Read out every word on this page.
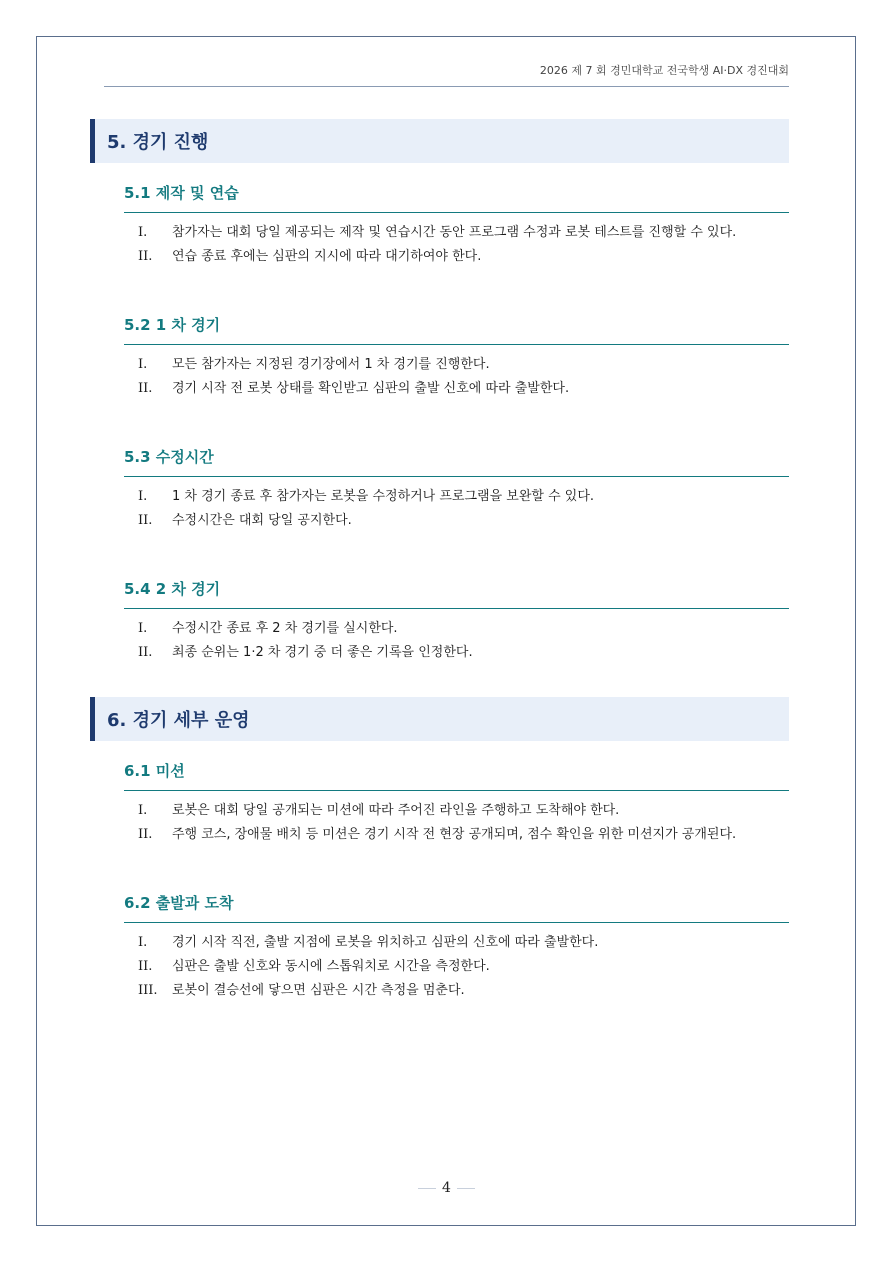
2026 제 7 회 경민대학교 전국학생 AI·DX 경진대회
5. 경기 진행
5.1 제작 및 연습
I.	참가자는 대회 당일 제공되는 제작 및 연습시간 동안 프로그램 수정과 로봇 테스트를 진행할 수 있다.
II.	연습 종료 후에는 심판의 지시에 따라 대기하여야 한다.
5.2 1 차 경기
I.	모든 참가자는 지정된 경기장에서 1 차 경기를 진행한다.
II.	경기 시작 전 로봇 상태를 확인받고 심판의 출발 신호에 따라 출발한다.
5.3 수정시간
I.	1 차 경기 종료 후 참가자는 로봇을 수정하거나 프로그램을 보완할 수 있다.
II.	수정시간은 대회 당일 공지한다.
5.4 2 차 경기
I.	수정시간 종료 후 2 차 경기를 실시한다.
II.	최종 순위는 1·2 차 경기 중 더 좋은 기록을 인정한다.
6. 경기 세부 운영
6.1 미션
I.	로봇은 대회 당일 공개되는 미션에 따라 주어진 라인을 주행하고 도착해야 한다.
II.	주행 코스, 장애물 배치 등 미션은 경기 시작 전 현장 공개되며, 점수 확인을 위한 미션지가 공개된다.
6.2 출발과 도착
I.	경기 시작 직전, 출발 지점에 로봇을 위치하고 심판의 신호에 따라 출발한다.
II.	심판은 출발 신호와 동시에 스톱워치로 시간을 측정한다.
III.	로봇이 결승선에 닿으면 심판은 시간 측정을 멈춘다.
4
